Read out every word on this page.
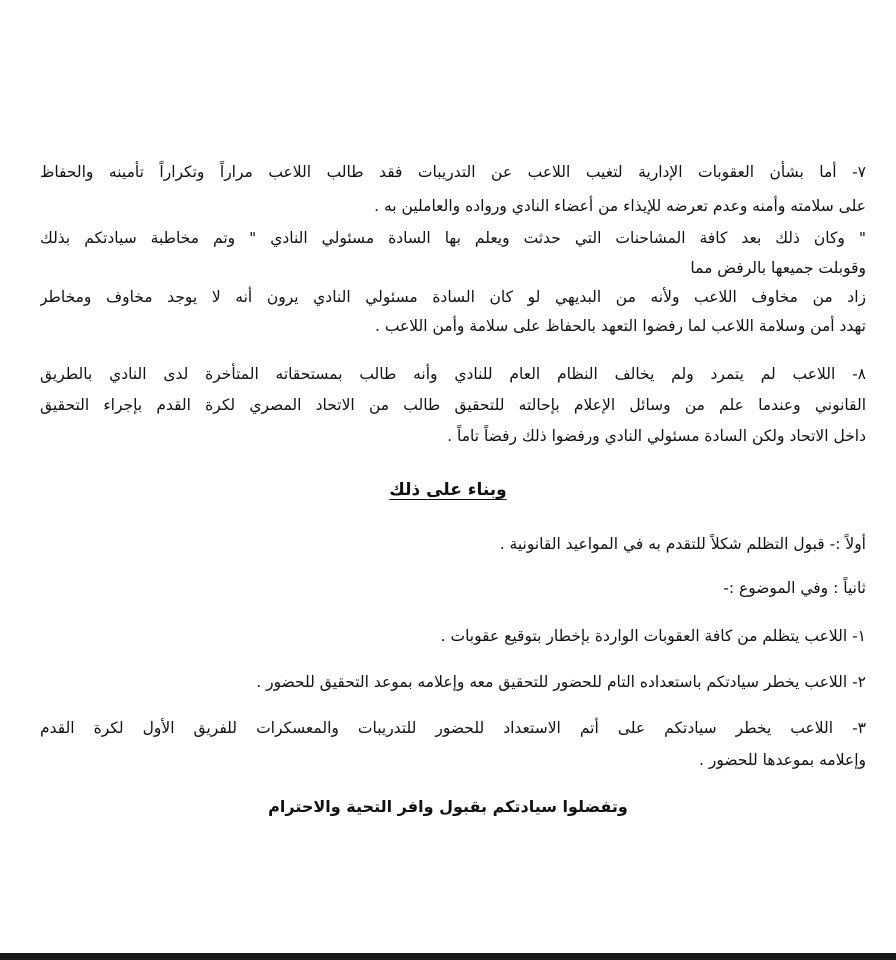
٧- أما بشأن العقوبات الإدارية لتغيب اللاعب عن التدريبات فقد طالب اللاعب مراراً وتكراراً تأمينه والحفاظ
على سلامته وأمنه وعدم تعرضه للإيذاء من أعضاء النادي ورواده والعاملين به .
" وكان ذلك بعد كافة المشاحنات التي حدثت ويعلم بها السادة مسئولي النادي " وتم مخاطبة سيادتكم بذلك
وقوبلت جميعها بالرفض مما
زاد من مخاوف اللاعب ولأنه من البديهي لو كان السادة مسئولي النادي يرون أنه لا يوجد مخاوف ومخاطر
تهدد أمن وسلامة اللاعب لما رفضوا التعهد بالحفاظ على سلامة وأمن اللاعب .
٨- اللاعب لم يتمرد ولم يخالف النظام العام للنادي وأنه طالب بمستحقاته المتأخرة لدى النادي بالطريق
القانوني وعندما علم من وسائل الإعلام بإحالته للتحقيق طالب من الاتحاد المصري لكرة القدم بإجراء التحقيق
داخل الاتحاد ولكن السادة مسئولي النادي ورفضوا ذلك رفضاً تاماً .
وبناء على ذلك
أولاً :- قبول التظلم شكلاً للتقدم به في المواعيد القانونية .
ثانياً : وفي الموضوع :-
١- اللاعب يتظلم من كافة العقوبات الواردة بإخطار بتوقيع عقوبات .
٢- اللاعب يخطر سيادتكم باستعداده التام للحضور للتحقيق معه وإعلامه بموعد التحقيق للحضور .
٣- اللاعب يخطر سيادتكم على أتم الاستعداد للحضور للتدريبات والمعسكرات للفريق الأول لكرة القدم
وإعلامه بموعدها للحضور .
وتفضلوا سيادتكم بقبول وافر التحية والاحترام
